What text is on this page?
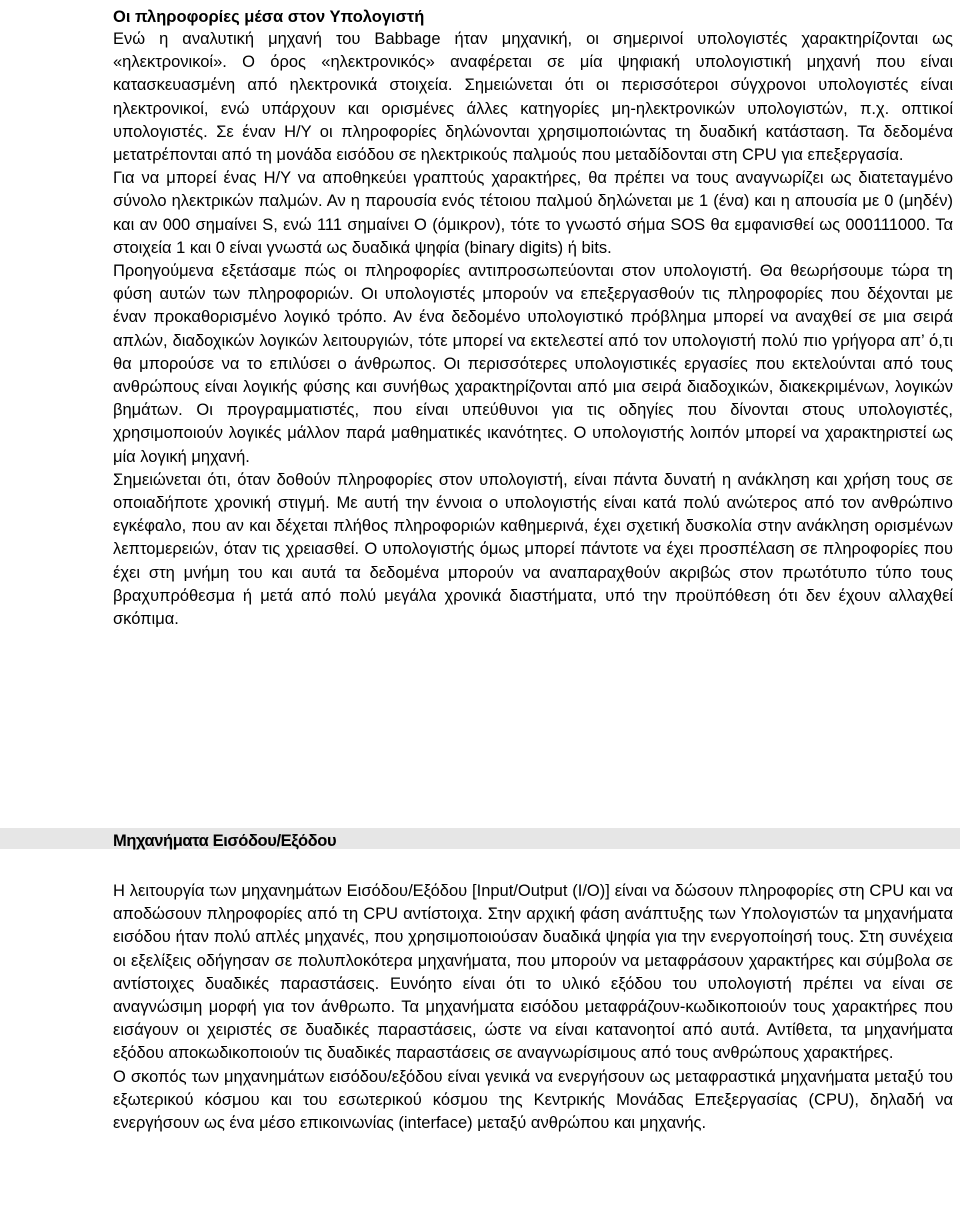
Οι πληροφορίες μέσα στον Υπολογιστή

Ενώ η αναλυτική μηχανή του Babbage ήταν μηχανική, οι σημερινοί υπολογιστές χαρακτηρίζονται ως «ηλεκτρονικοί». Ο όρος «ηλεκτρονικός» αναφέρεται σε μία ψηφιακή υπολογιστική μηχανή που είναι κατασκευασμένη από ηλεκτρονικά στοιχεία. Σημειώνεται ότι οι περισσότεροι σύγχρονοι υπολογιστές είναι ηλεκτρονικοί, ενώ υπάρχουν και ορισμένες άλλες κατηγορίες μη-ηλεκτρονικών υπολογιστών, π.χ. οπτικοί υπολογιστές. Σε έναν Η/Υ οι πληροφορίες δηλώνονται χρησιμοποιώντας τη δυαδική κατάσταση. Τα δεδομένα μετατρέπονται από τη μονάδα εισόδου σε ηλεκτρικούς παλμούς που μεταδίδονται στη CPU για επεξεργασία.

Για να μπορεί ένας Η/Υ να αποθηκεύει γραπτούς χαρακτήρες, θα πρέπει να τους αναγνωρίζει ως διατεταγμένο σύνολο ηλεκτρικών παλμών. Αν η παρουσία ενός τέτοιου παλμού δηλώνεται με 1 (ένα) και η απουσία με 0 (μηδέν) και αν 000 σημαίνει S, ενώ 111 σημαίνει Ο (όμικρον), τότε το γνωστό σήμα SOS θα εμφανισθεί ως 000111000. Τα στοιχεία 1 και 0 είναι γνωστά ως δυαδικά ψηφία (binary digits) ή bits.

Προηγούμενα εξετάσαμε πώς οι πληροφορίες αντιπροσωπεύονται στον υπολογιστή. Θα θεωρήσουμε τώρα τη φύση αυτών των πληροφοριών. Οι υπολογιστές μπορούν να επεξεργασθούν τις πληροφορίες που δέχονται με έναν προκαθορισμένο λογικό τρόπο. Αν ένα δεδομένο υπολογιστικό πρόβλημα μπορεί να αναχθεί σε μια σειρά απλών, διαδοχικών λογικών λειτουργιών, τότε μπορεί να εκτελεστεί από τον υπολογιστή πολύ πιο γρήγορα απ’ ό,τι θα μπορούσε να το επιλύσει ο άνθρωπος. Οι περισσότερες υπολογιστικές εργασίες που εκτελούνται από τους ανθρώπους είναι λογικής φύσης και συνήθως χαρακτηρίζονται από μια σειρά διαδοχικών, διακεκριμένων, λογικών βημάτων. Οι προγραμματιστές, που είναι υπεύθυνοι για τις οδηγίες που δίνονται στους υπολογιστές, χρησιμοποιούν λογικές μάλλον παρά μαθηματικές ικανότητες. Ο υπολογιστής λοιπόν μπορεί να χαρακτηριστεί ως μία λογική μηχανή.

Σημειώνεται ότι, όταν δοθούν πληροφορίες στον υπολογιστή, είναι πάντα δυνατή η ανάκληση και χρήση τους σε οποιαδήποτε χρονική στιγμή. Με αυτή την έννοια ο υπολογιστής είναι κατά πολύ ανώτερος από τον ανθρώπινο εγκέφαλο, που αν και δέχεται πλήθος πληροφοριών καθημερινά, έχει σχετική δυσκολία στην ανάκληση ορισμένων λεπτομερειών, όταν τις χρειασθεί. Ο υπολογιστής όμως μπορεί πάντοτε να έχει προσπέλαση σε πληροφορίες που έχει στη μνήμη του και αυτά τα δεδομένα μπορούν να αναπαραχθούν ακριβώς στον πρωτότυπο τύπο τους βραχυπρόθεσμα ή μετά από πολύ μεγάλα χρονικά διαστήματα, υπό την προϋπόθεση ότι δεν έχουν αλλαχθεί σκόπιμα.

Μηχανήματα Εισόδου/Εξόδου

Η λειτουργία των μηχανημάτων Εισόδου/Εξόδου [Input/Output (I/O)] είναι να δώσουν πληροφορίες στη CPU και να αποδώσουν πληροφορίες από τη CPU αντίστοιχα. Στην αρχική φάση ανάπτυξης των Υπολογιστών τα μηχανήματα εισόδου ήταν πολύ απλές μηχανές, που χρησιμοποιούσαν δυαδικά ψηφία για την ενεργοποίησή τους. Στη συνέχεια οι εξελίξεις οδήγησαν σε πολυπλοκότερα μηχανήματα, που μπορούν να μεταφράσουν χαρακτήρες και σύμβολα σε αντίστοιχες δυαδικές παραστάσεις. Ευνόητο είναι ότι το υλικό εξόδου του υπολογιστή πρέπει να είναι σε αναγνώσιμη μορφή για τον άνθρωπο. Τα μηχανήματα εισόδου μεταφράζουν-κωδικοποιούν τους χαρακτήρες που εισάγουν οι χειριστές σε δυαδικές παραστάσεις, ώστε να είναι κατανοητοί από αυτά. Αντίθετα, τα μηχανήματα εξόδου αποκωδικοποιούν τις δυαδικές παραστάσεις σε αναγνωρίσιμους από τους ανθρώπους χαρακτήρες.

Ο σκοπός των μηχανημάτων εισόδου/εξόδου είναι γενικά να ενεργήσουν ως μεταφραστικά μηχανήματα μεταξύ του εξωτερικού κόσμου και του εσωτερικού κόσμου της Κεντρικής Μονάδας Επεξεργασίας (CPU), δηλαδή να ενεργήσουν ως ένα μέσο επικοινωνίας (interface) μεταξύ ανθρώπου και μηχανής.
